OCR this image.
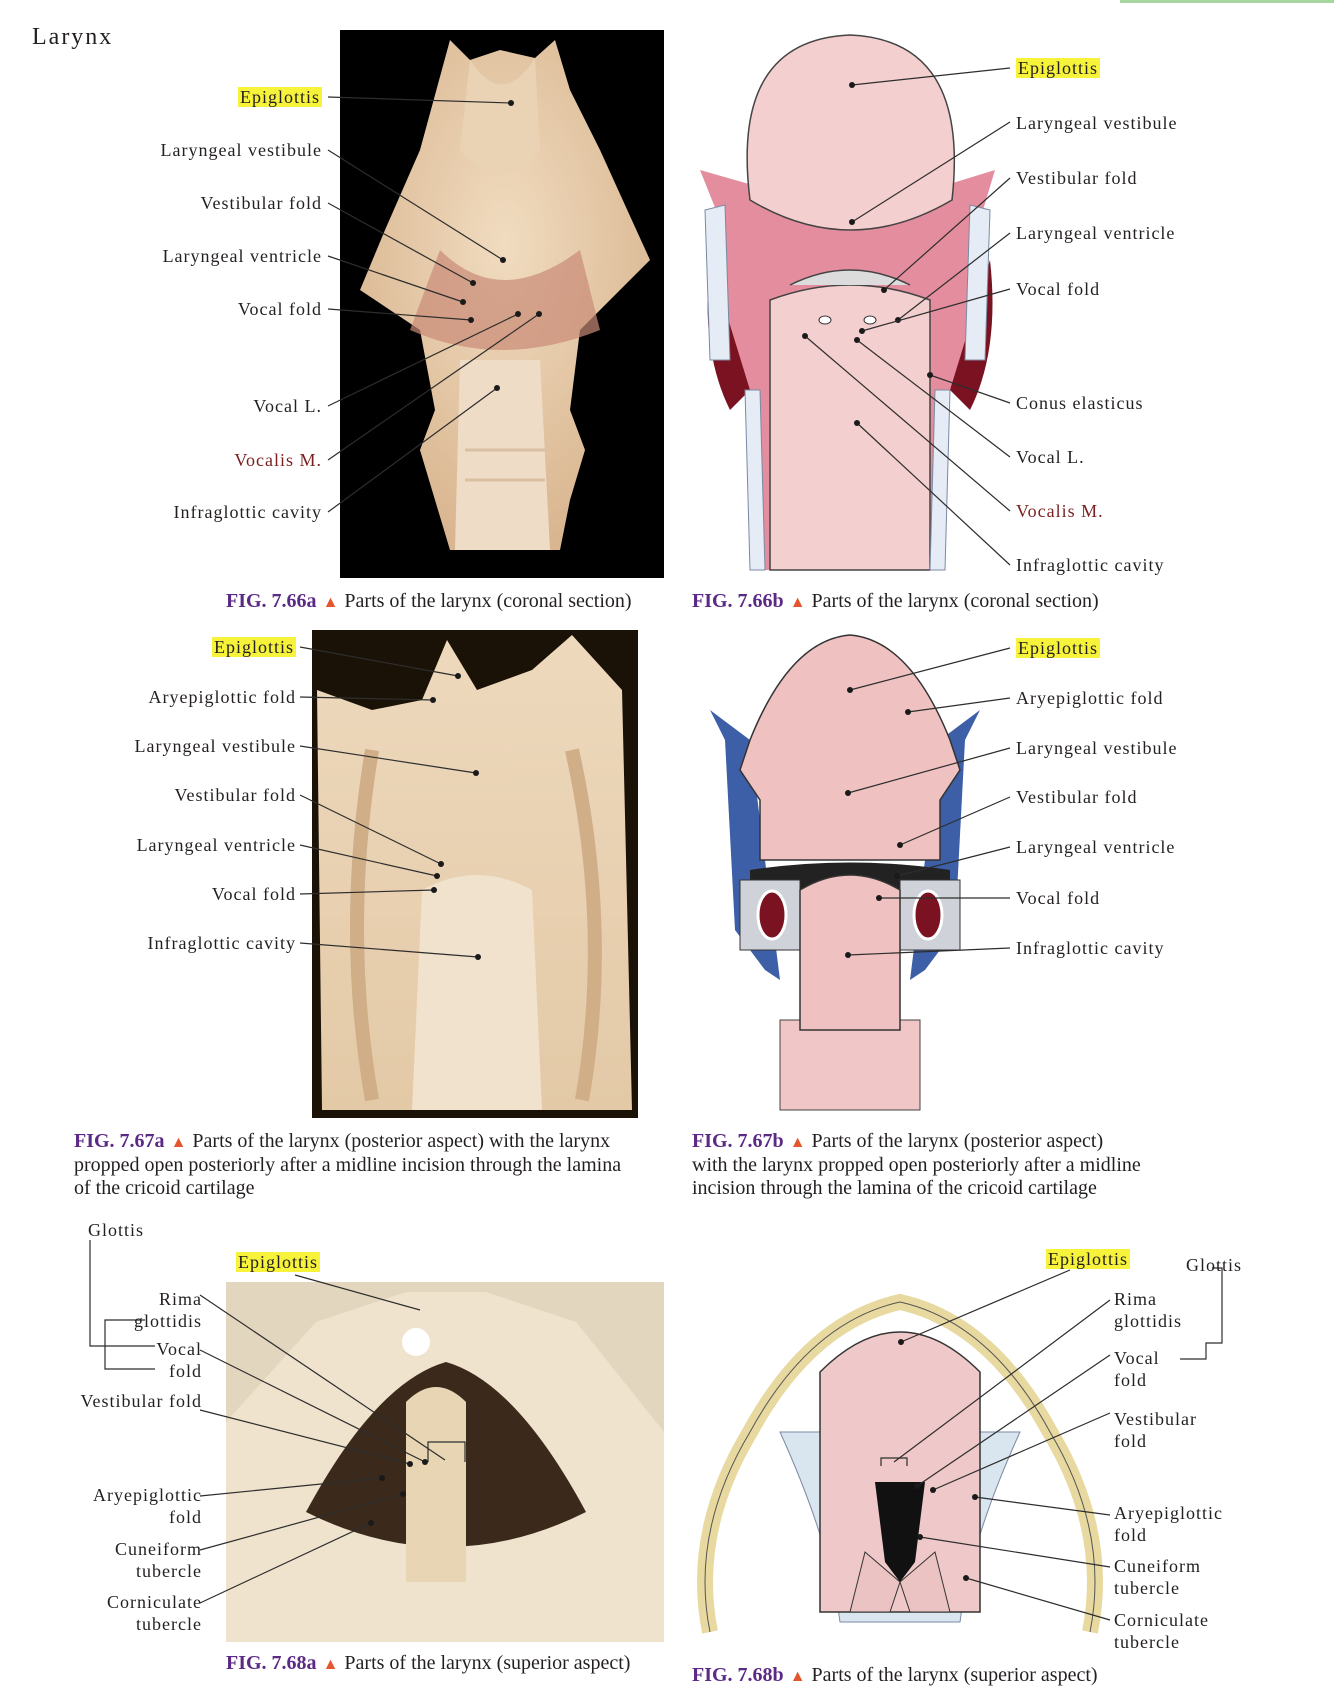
Larynx
Epiglottis
Laryngeal vestibule
Vestibular fold
Laryngeal ventricle
Vocal fold
Vocal L.
Vocalis M.
Infraglottic cavity
Epiglottis
Laryngeal vestibule
Vestibular fold
Laryngeal ventricle
Vocal fold
Conus elasticus
Vocal L.
Vocalis M.
Infraglottic cavity
FIG. 7.66a ▲ Parts of the larynx (coronal section)	FIG. 7.66b ▲ Parts of the larynx (coronal section)
Epiglottis
Aryepiglottic fold
Laryngeal vestibule
Vestibular fold
Laryngeal ventricle
Vocal fold
Infraglottic cavity
Epiglottis
Aryepiglottic fold
Laryngeal vestibule
Vestibular fold
Laryngeal ventricle
Vocal fold
Infraglottic cavity
FIG. 7.67a ▲ Parts of the larynx (posterior aspect) with the larynx
propped open posteriorly after a midline incision through the lamina
of the cricoid cartilage
FIG. 7.67b ▲ Parts of the larynx (posterior aspect)
with the larynx propped open posteriorly after a midline
incision through the lamina of the cricoid cartilage
Glottis
Epiglottis
Rima
glottidis
Vocal
fold
Vestibular fold
Aryepiglottic
fold
Cuneiform
tubercle
Corniculate
tubercle
Epiglottis	Glottis
Rima
glottidis
Vocal
fold
Vestibular
fold
Aryepiglottic
fold
Cuneiform
tubercle
Corniculate
tubercle
FIG. 7.68a ▲ Parts of the larynx (superior aspect)
FIG. 7.68b ▲ Parts of the larynx (superior aspect)
